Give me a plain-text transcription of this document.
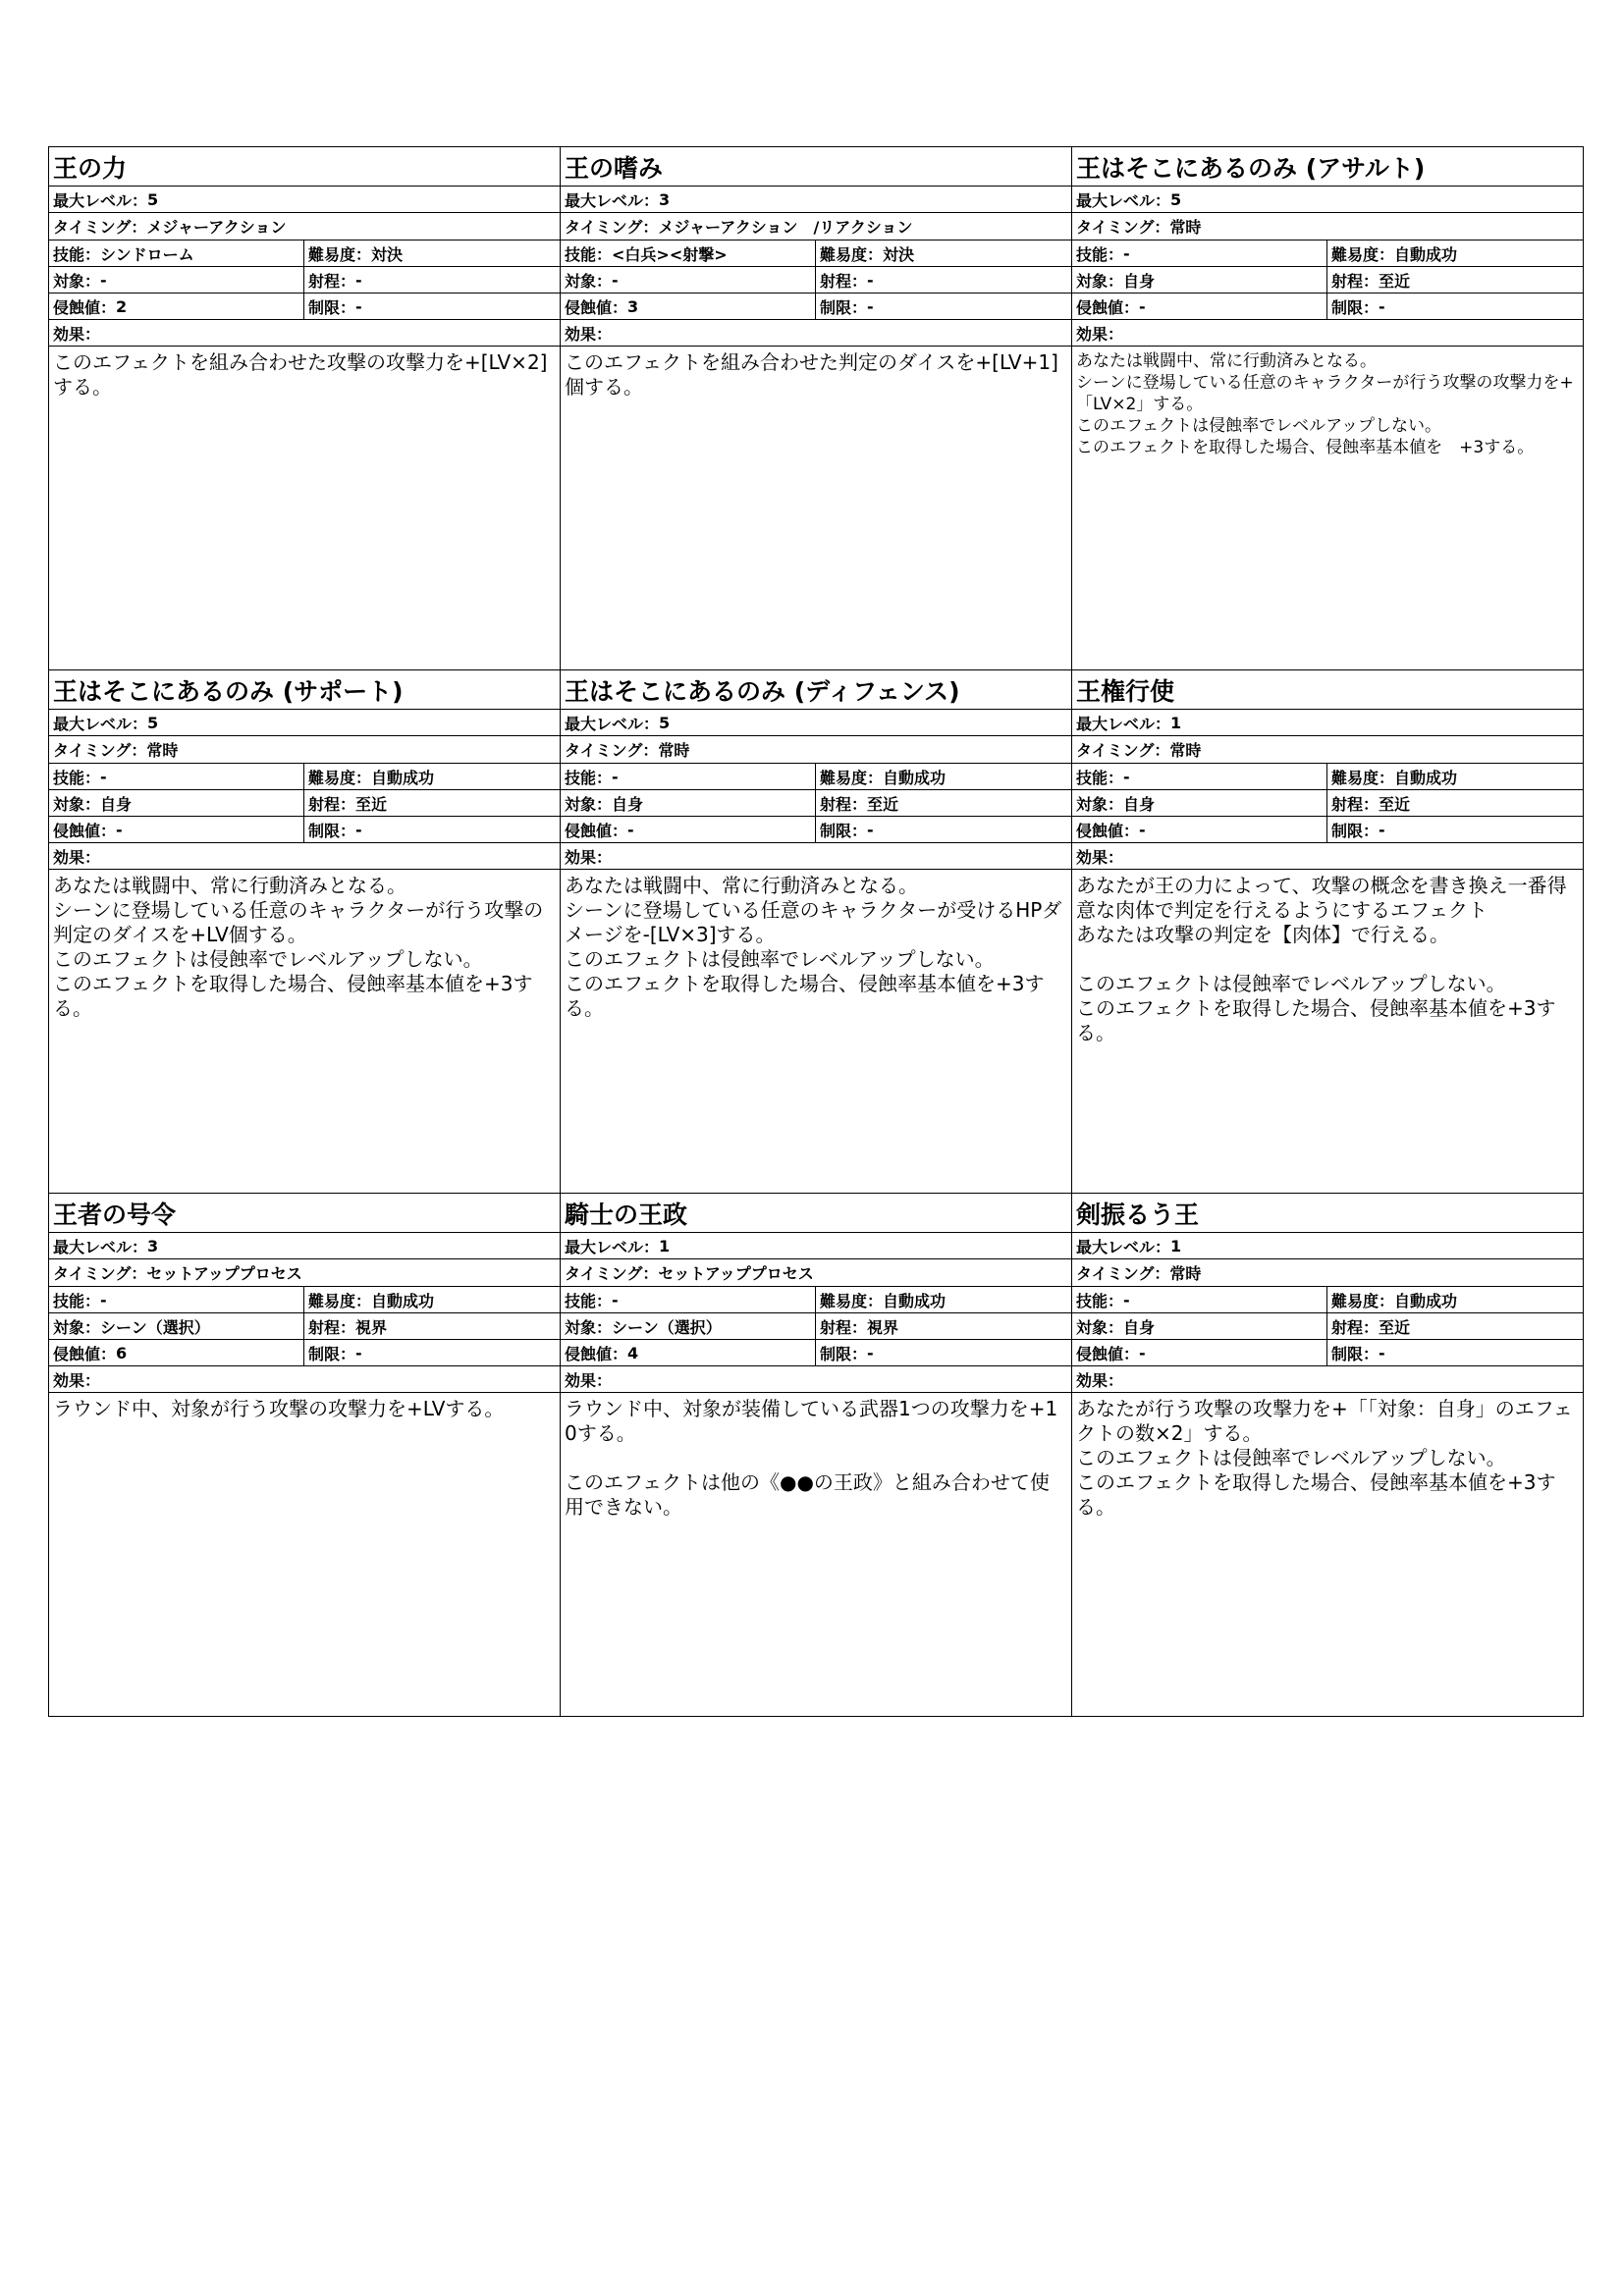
王の力
最大レベル： 5
タイミング： メジャーアクション
技能： シンドローム	難易度： 対決
対象： -	射程： -
侵蝕値： 2	制限： -
効果：
このエフェクトを組み合わせた攻撃の攻撃力を+[LV×2]する。
王の嗜み
最大レベル： 3
タイミング： メジャーアクション　/リアクション
技能： <白兵><射撃>	難易度： 対決
対象： -	射程： -
侵蝕値： 3	制限： -
効果：
このエフェクトを組み合わせた判定のダイスを+[LV+1]個する。
王はそこにあるのみ (アサルト)
最大レベル： 5
タイミング： 常時
技能： -	難易度： 自動成功
対象： 自身	射程： 至近
侵蝕値： -	制限： -
効果：
あなたは戦闘中、常に行動済みとなる。
シーンに登場している任意のキャラクターが行う攻撃の攻撃力を+「LV×2」する。
このエフェクトは侵蝕率でレベルアップしない。
このエフェクトを取得した場合、侵蝕率基本値を　+3する。
王はそこにあるのみ (サポート)
最大レベル： 5
タイミング： 常時
技能： -	難易度： 自動成功
対象： 自身	射程： 至近
侵蝕値： -	制限： -
効果：
あなたは戦闘中、常に行動済みとなる。
シーンに登場している任意のキャラクターが行う攻撃の判定のダイスを+LV個する。
このエフェクトは侵蝕率でレベルアップしない。
このエフェクトを取得した場合、侵蝕率基本値を+3する。
王はそこにあるのみ (ディフェンス)
最大レベル： 5
タイミング： 常時
技能： -	難易度： 自動成功
対象： 自身	射程： 至近
侵蝕値： -	制限： -
効果：
あなたは戦闘中、常に行動済みとなる。
シーンに登場している任意のキャラクターが受けるHPダメージを-[LV×3]する。
このエフェクトは侵蝕率でレベルアップしない。
このエフェクトを取得した場合、侵蝕率基本値を+3する。
王権行使
最大レベル： 1
タイミング： 常時
技能： -	難易度： 自動成功
対象： 自身	射程： 至近
侵蝕値： -	制限： -
効果：
あなたが王の力によって、攻撃の概念を書き換え一番得意な肉体で判定を行えるようにするエフェクト
あなたは攻撃の判定を【肉体】で行える。

このエフェクトは侵蝕率でレベルアップしない。
このエフェクトを取得した場合、侵蝕率基本値を+3する。
王者の号令
最大レベル： 3
タイミング： セットアッププロセス
技能： -	難易度： 自動成功
対象： シーン（選択）	射程： 視界
侵蝕値： 6	制限： -
効果：
ラウンド中、対象が行う攻撃の攻撃力を+LVする。
騎士の王政
最大レベル： 1
タイミング： セットアッププロセス
技能： -	難易度： 自動成功
対象： シーン（選択）	射程： 視界
侵蝕値： 4	制限： -
効果：
ラウンド中、対象が装備している武器1つの攻撃力を+10する。

このエフェクトは他の《●●の王政》と組み合わせて使用できない。
剣振るう王
最大レベル： 1
タイミング： 常時
技能： -	難易度： 自動成功
対象： 自身	射程： 至近
侵蝕値： -	制限： -
効果：
あなたが行う攻撃の攻撃力を+「「対象：自身」のエフェクトの数×2」する。
このエフェクトは侵蝕率でレベルアップしない。
このエフェクトを取得した場合、侵蝕率基本値を+3する。
